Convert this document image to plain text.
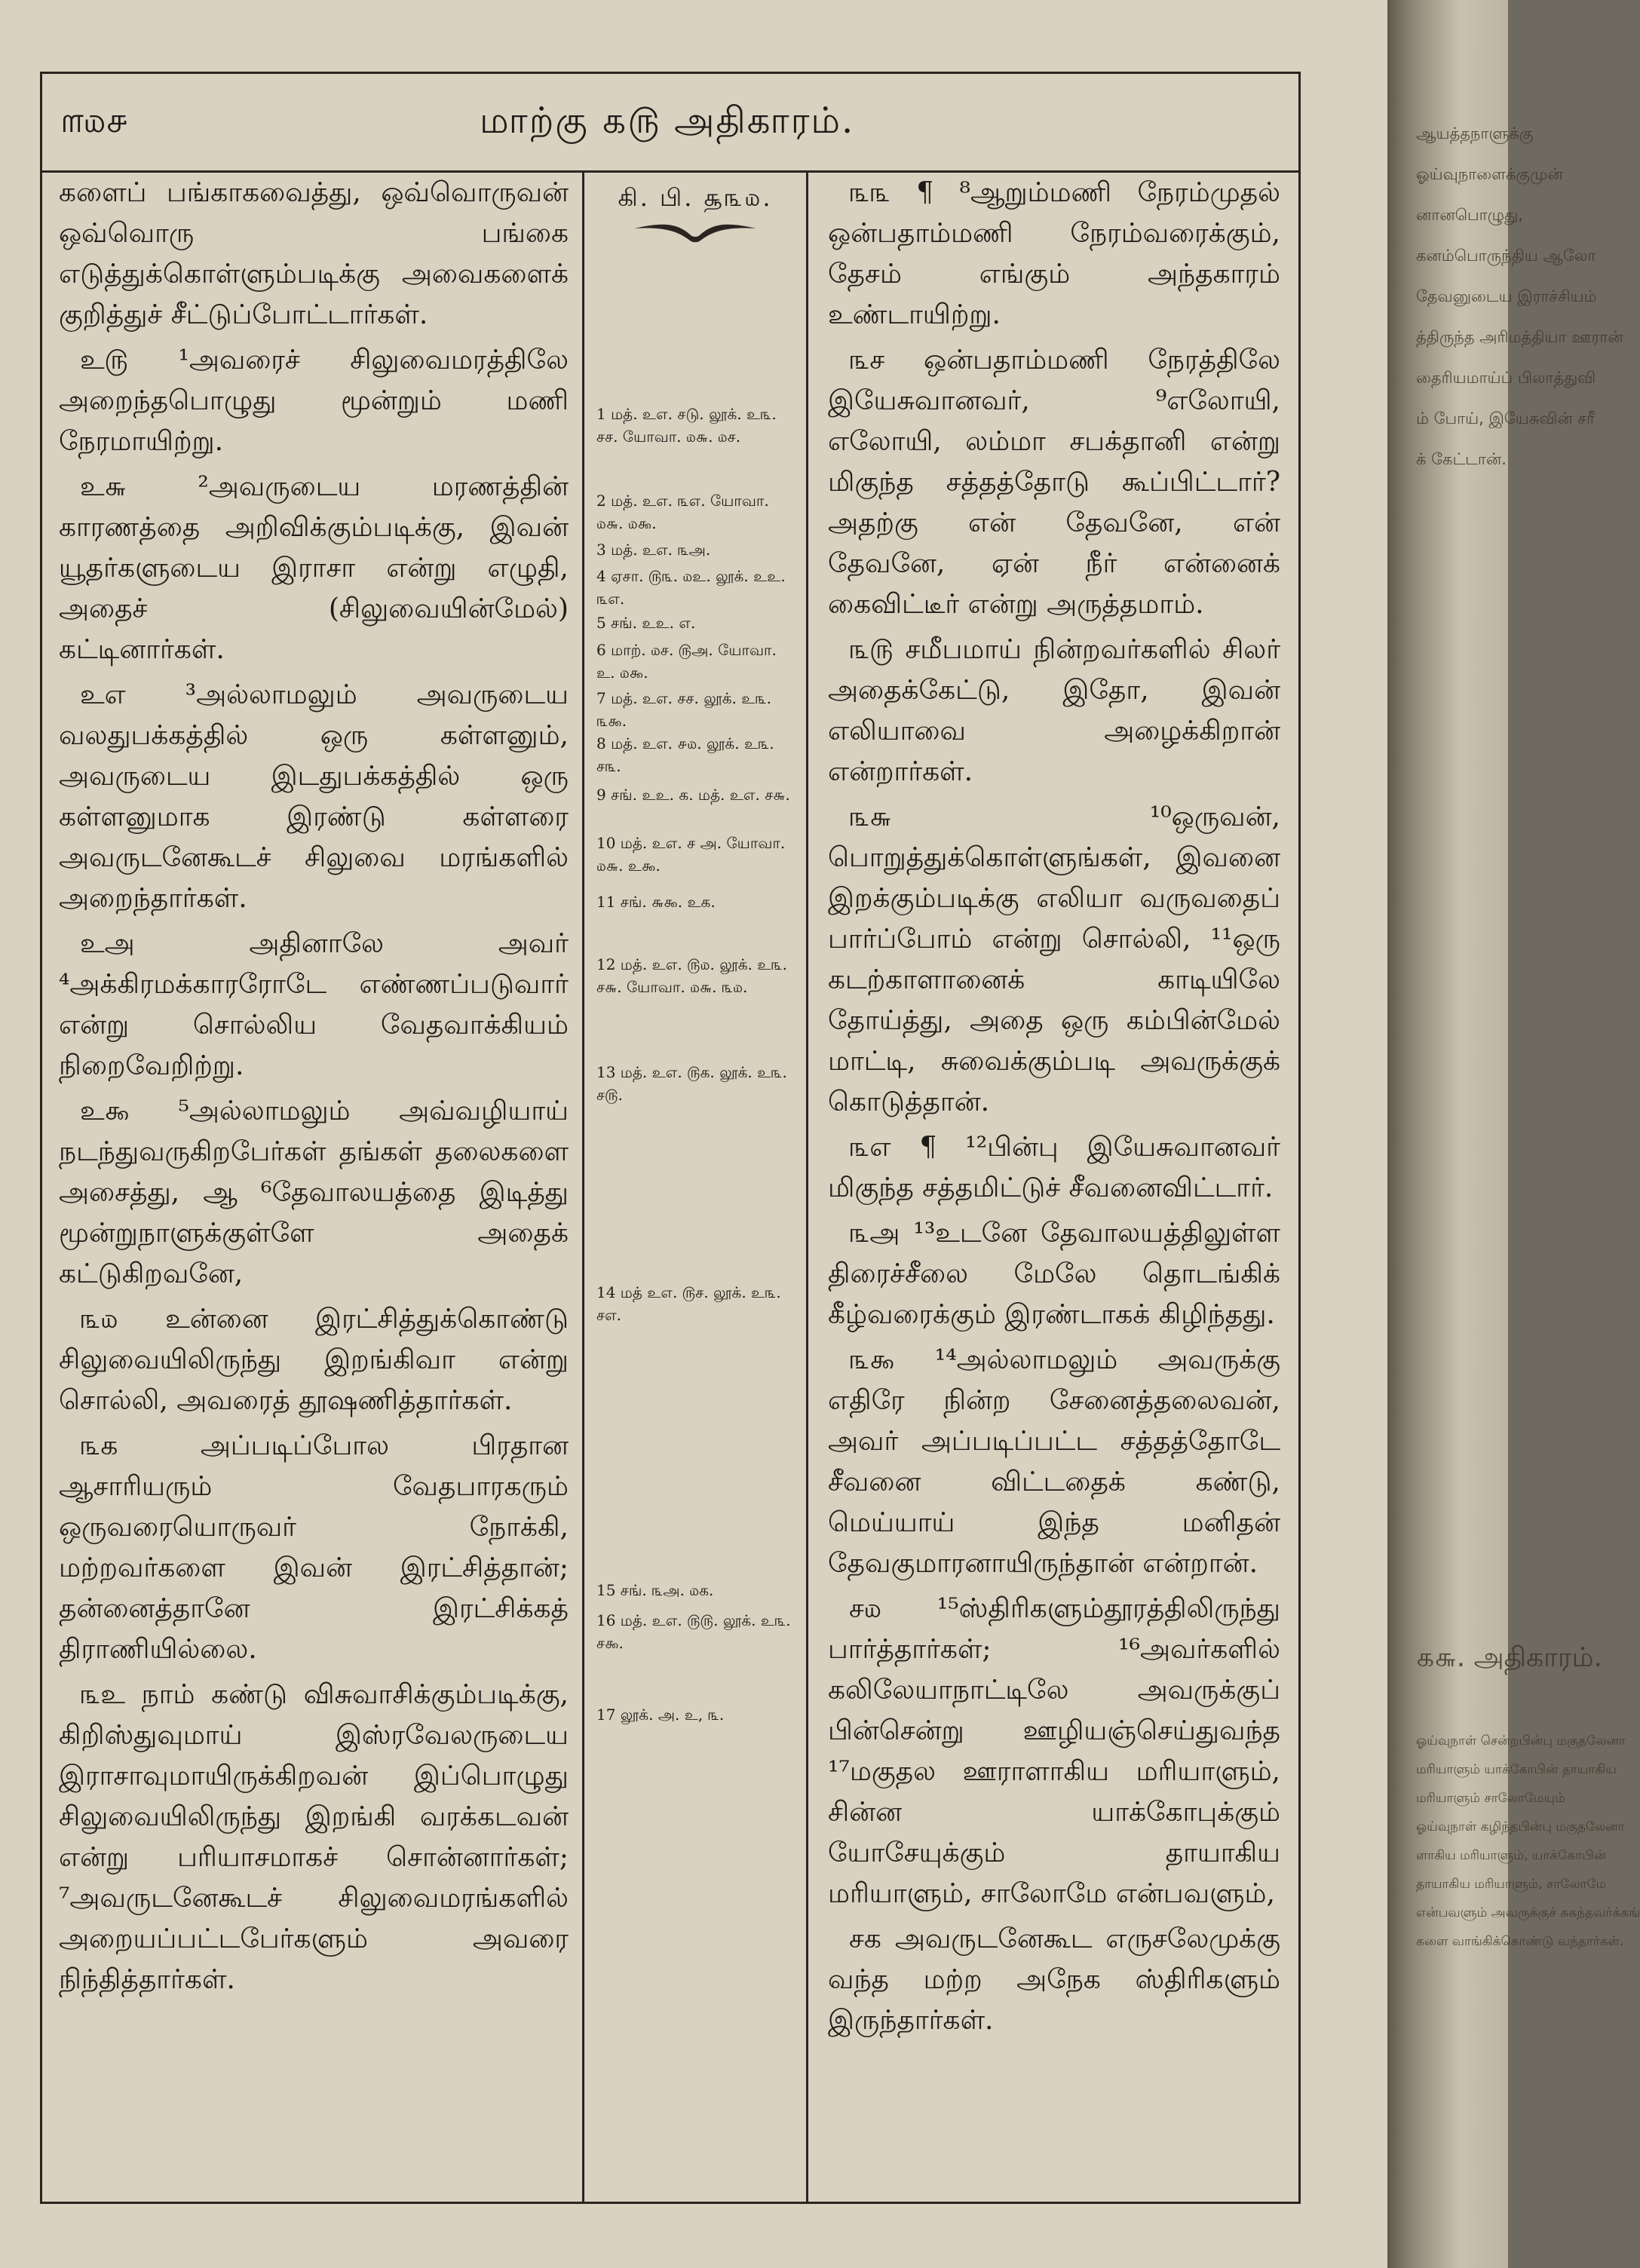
௱௰௪	மாற்கு ௧௫ அதிகாரம்.

களைப் பங்காகவைத்து, ஒவ்வொருவன் ஒவ்வொரு பங்கை எடுத்துக்கொள்ளும்படிக்கு அவைகளைக் குறித்துச் சீட்டுப்போட்டார்கள்.

உ௫ ¹அவரைச் சிலுவைமரத்திலே அறைந்தபொழுது மூன்றும் மணி நேரமாயிற்று.

உ௬ ²அவருடைய மரணத்தின் காரணத்தை அறிவிக்கும்படிக்கு, இவன் யூதர்களுடைய இராசா என்று எழுதி, அதைச் (சிலுவையின்மேல்) கட்டினார்கள்.

உஎ ³அல்லாமலும் அவருடைய வலதுபக்கத்தில் ஒரு கள்ளனும், அவருடைய இடதுபக்கத்தில் ஒரு கள்ளனுமாக இரண்டு கள்ளரை அவருடனேகூடச் சிலுவை மரங்களில் அறைந்தார்கள்.

உஅ அதினாலே அவர் ⁴அக்கிரமக்காரரோடே எண்ணப்படுவார் என்று சொல்லிய வேதவாக்கியம் நிறைவேறிற்று.

உ௯ ⁵அல்லாமலும் அவ்வழியாய் நடந்துவருகிறபேர்கள் தங்கள் தலைகளை அசைத்து, ஆ ⁶தேவாலயத்தை இடித்து மூன்றுநாளுக்குள்ளே அதைக் கட்டுகிறவனே,

௩௰ உன்னை இரட்சித்துக்கொண்டு சிலுவையிலிருந்து இறங்கிவா என்று சொல்லி, அவரைத் தூஷணித்தார்கள்.

௩க அப்படிப்போல பிரதான ஆசாரியரும் வேதபாரகரும் ஒருவரையொருவர் நோக்கி, மற்றவர்களை இவன் இரட்சித்தான்; தன்னைத்தானே இரட்சிக்கத் திராணியில்லை.

௩உ நாம் கண்டு விசுவாசிக்கும்படிக்கு, கிறிஸ்துவுமாய் இஸ்ரவேலருடைய இராசாவுமாயிருக்கிறவன் இப்பொழுது சிலுவையிலிருந்து இறங்கி வரக்கடவன் என்று பரியாசமாகச் சொன்னார்கள்; ⁷அவருடனேகூடச் சிலுவைமரங்களில் அறையப்பட்டபேர்களும் அவரை நிந்தித்தார்கள்.

கி. பி. ௲௩௰.
1 மத். உஎ. சடு. லூக். உ௩. சச. யோவா. ௰௬. ௰ச.
2 மத். உஎ. ௩எ. யோவா. ௰௬. ௰௯.
3 மத். உஎ. ௩அ.
4 ஏசா. ௫௩. ௰உ. லூக். உஉ. ௩எ.
5 சங். உஉ. எ.
6 மாற். ௰ச. ௫அ. யோவா. உ. ௰௯.
7 மத். உஎ. சச. லூக். உ௩. ௩௯.
8 மத். உஎ. ௪௰. லூக். உ௩. ச௩.
9 சங். உஉ. க. மத். உஎ. ச௬.
10 மத். உஎ. ச அ. யோவா. ௰௬. உ௯.
11 சங். ௬௯. உக.
12 மத். உஎ. ௫௰. லூக். உ௩. ச௬. யோவா. ௰௬. ௩௰.
13 மத். உஎ. ௫க. லூக். உ௩. ச௫.
14 மத் உஎ. ௫ச. லூக். உ௩. சஎ.
15 சங். ௩அ. ௰க.
16 மத். உஎ. ௫௫. லூக். உ௩. ச௯.
17 லூக். அ. உ, ௩.

௩௩ ¶ ⁸ஆறும்மணி நேரம்முதல் ஒன்பதாம்மணி நேரம்வரைக்கும், தேசம் எங்கும் அந்தகாரம் உண்டாயிற்று.

௩ச ஒன்பதாம்மணி நேரத்திலே இயேசுவானவர், ⁹எலோயி, எலோயி, லம்மா சபக்தானி என்று மிகுந்த சத்தத்தோடு கூப்பிட்டார்? அதற்கு என் தேவனே, என் தேவனே, ஏன் நீர் என்னைக் கைவிட்டீர் என்று அருத்தமாம்.

௩௫ சமீபமாய் நின்றவர்களில் சிலர் அதைக்கேட்டு, இதோ, இவன் எலியாவை அழைக்கிறான் என்றார்கள்.

௩௬ ¹⁰ஒருவன், பொறுத்துக்கொள்ளுங்கள், இவனை இறக்கும்படிக்கு எலியா வருவதைப் பார்ப்போம் என்று சொல்லி, ¹¹ஒரு கடற்காளானைக் காடியிலே தோய்த்து, அதை ஒரு கம்பின்மேல் மாட்டி, சுவைக்கும்படி அவருக்குக் கொடுத்தான்.

௩எ ¶ ¹²பின்பு இயேசுவானவர் மிகுந்த சத்தமிட்டுச் சீவனைவிட்டார்.

௩அ ¹³உடனே தேவாலயத்திலுள்ள திரைச்சீலை மேலே தொடங்கிக் கீழ்வரைக்கும் இரண்டாகக் கிழிந்தது.

௩௯ ¹⁴அல்லாமலும் அவருக்கு எதிரே நின்ற சேனைத்தலைவன், அவர் அப்படிப்பட்ட சத்தத்தோடே சீவனை விட்டதைக் கண்டு, மெய்யாய் இந்த மனிதன் தேவகுமாரனாயிருந்தான் என்றான்.

ச௰ ¹⁵ஸ்திரிகளும்தூரத்திலிருந்து பார்த்தார்கள்; ¹⁶அவர்களில் கலிலேயாநாட்டிலே அவருக்குப் பின்சென்று ஊழியஞ்செய்துவந்த ¹⁷மகுதல ஊராளாகிய மரியாளும், சின்ன யாக்கோபுக்கும் யோசேயுக்கும் தாயாகிய மரியாளும், சாலோமே என்பவளும்,

சக அவருடனேகூட எருசலேமுக்கு வந்த மற்ற அநேக ஸ்திரிகளும் இருந்தார்கள்.

ஆயத்தநாளுக்கு
ஓய்வுநாளைக்குமுன்
னானபொழுது,
கனம்பொருந்திய ஆலோ
தேவனுடைய இராச்சியம்
த்திருந்த அரிமத்தியா ஊரான்
தைரியமாய்ப் பிலாத்துவி
ம் போய், இயேசுவின் சரீ
க் கேட்டான்.
௧௬. அதிகாரம்.
ஓய்வுநாள் சென்றபின்பு மகுதலேனா
மரியாளும் யாக்கோபின் தாயாகிய
மரியாளும் சாலோமேயும்
ஓய்வுநாள் கழிந்தபின்பு மகுதலேனா
ளாகிய மரியாளும், யாக்கோபின்
தாயாகிய மரியாளும், சாலோமே
என்பவளும் அவருக்குச் சுகந்தவர்க்கங்
களை வாங்கிக்கொண்டு வந்தார்கள்.
